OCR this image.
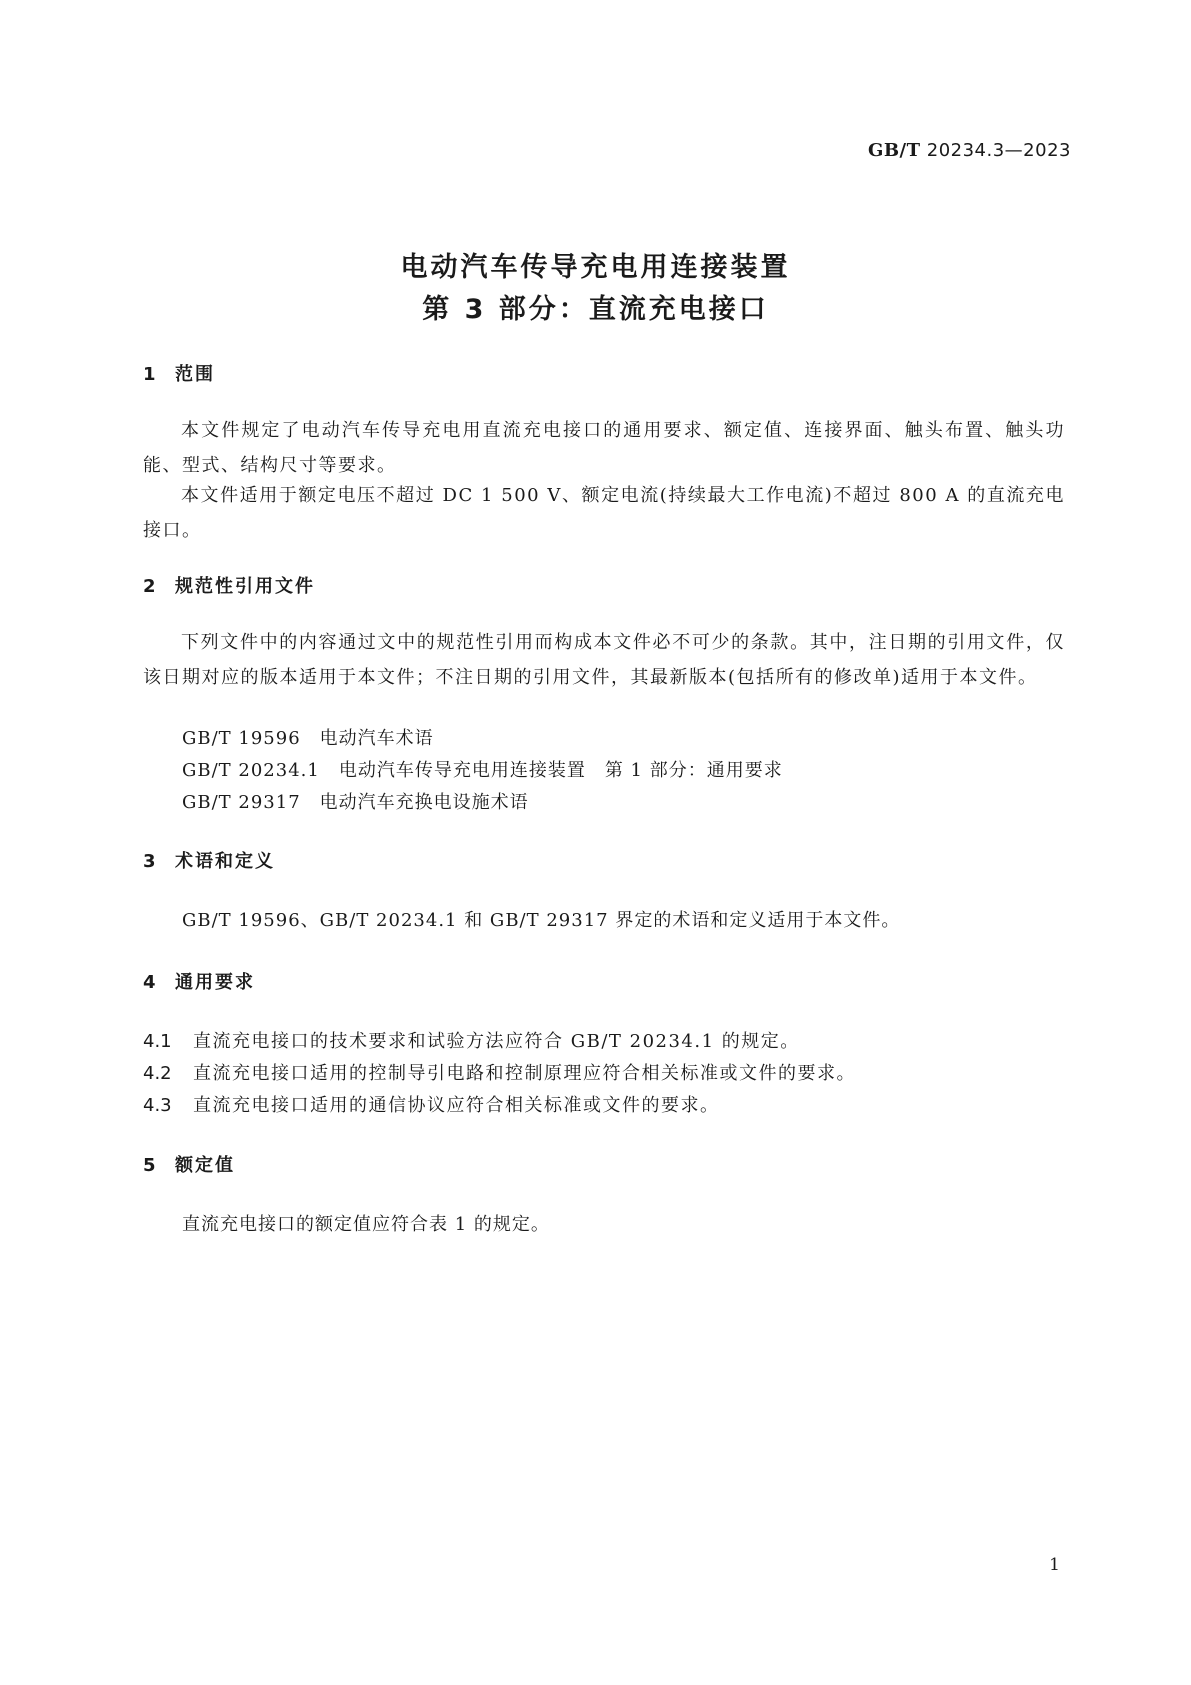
GB/T 20234.3—2023
电动汽车传导充电用连接装置
第 3 部分：直流充电接口
1 范围

本文件规定了电动汽车传导充电用直流充电接口的通用要求、额定值、连接界面、触头布置、触头功能、型式、结构尺寸等要求。

本文件适用于额定电压不超过 DC 1 500 V、额定电流(持续最大工作电流)不超过 800 A 的直流充电接口。

2 规范性引用文件

下列文件中的内容通过文中的规范性引用而构成本文件必不可少的条款。其中，注日期的引用文件，仅该日期对应的版本适用于本文件；不注日期的引用文件，其最新版本(包括所有的修改单)适用于本文件。

GB/T 19596　电动汽车术语
GB/T 20234.1　电动汽车传导充电用连接装置　第 1 部分：通用要求
GB/T 29317　电动汽车充换电设施术语
3 术语和定义
GB/T 19596、GB/T 20234.1 和 GB/T 29317 界定的术语和定义适用于本文件。
4 通用要求
4.1 直流充电接口的技术要求和试验方法应符合 GB/T 20234.1 的规定。
4.2 直流充电接口适用的控制导引电路和控制原理应符合相关标准或文件的要求。
4.3 直流充电接口适用的通信协议应符合相关标准或文件的要求。
5 额定值
直流充电接口的额定值应符合表 1 的规定。
1
